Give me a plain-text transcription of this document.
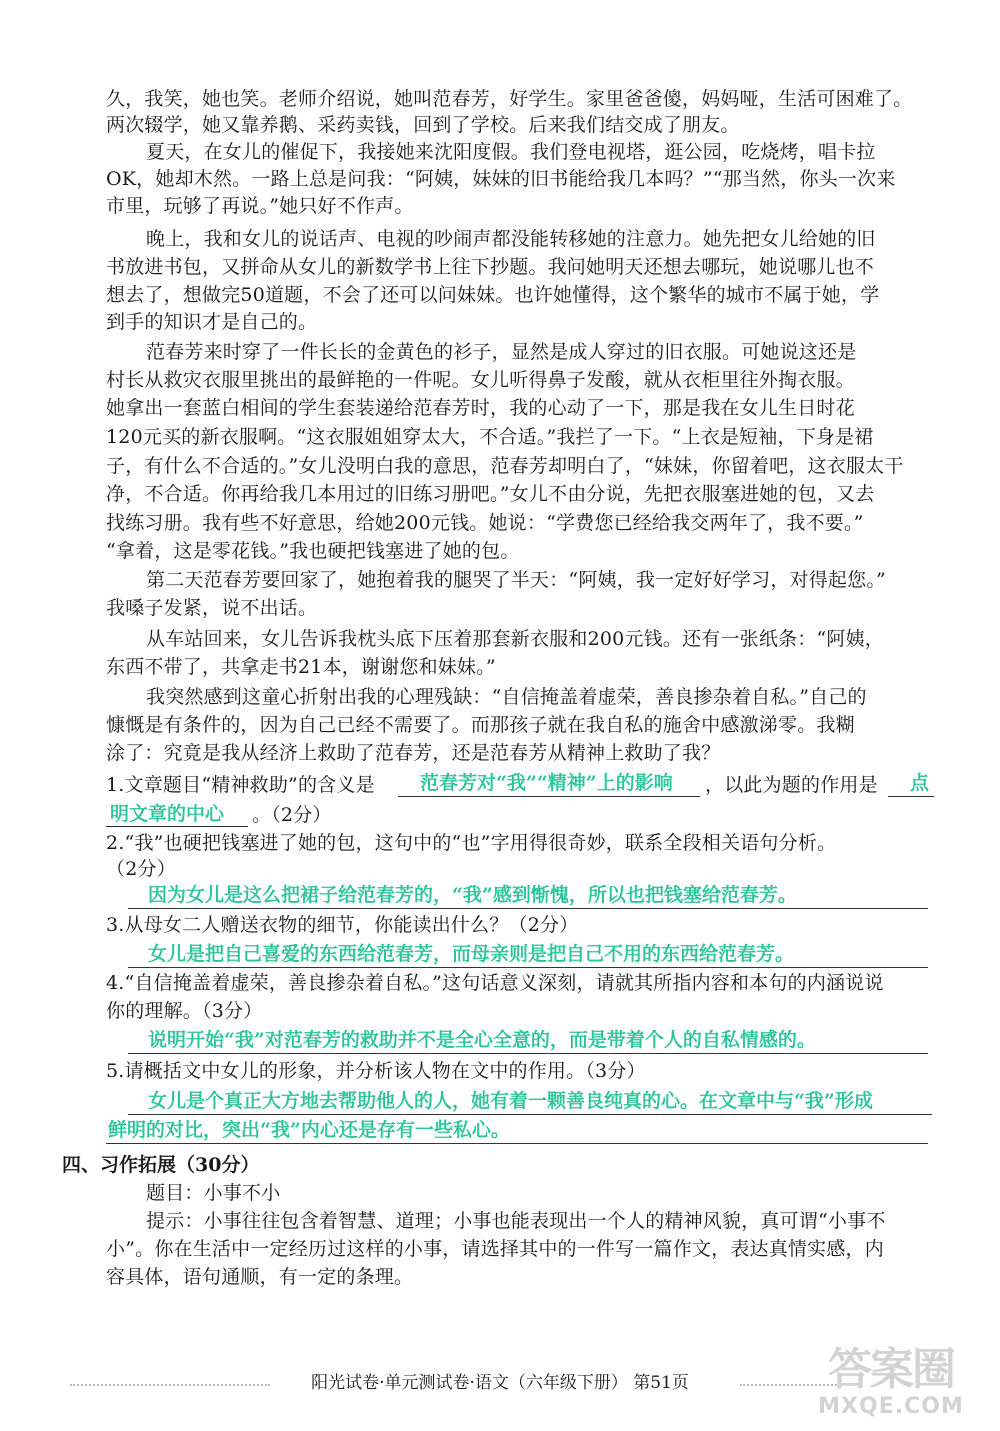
久，我笑，她也笑。老师介绍说，她叫范春芳，好学生。家里爸爸傻，妈妈哑，生活可困难了。
两次辍学，她又靠养鹅、采药卖钱，回到了学校。后来我们结交成了朋友。
夏天，在女儿的催促下，我接她来沈阳度假。我们登电视塔，逛公园，吃烧烤，唱卡拉
OK，她却木然。一路上总是问我：“阿姨，妹妹的旧书能给我几本吗？”“那当然，你头一次来
市里，玩够了再说。”她只好不作声。
晚上，我和女儿的说话声、电视的吵闹声都没能转移她的注意力。她先把女儿给她的旧
书放进书包，又拼命从女儿的新数学书上往下抄题。我问她明天还想去哪玩，她说哪儿也不
想去了，想做完50道题，不会了还可以问妹妹。也许她懂得，这个繁华的城市不属于她，学
到手的知识才是自己的。
范春芳来时穿了一件长长的金黄色的衫子，显然是成人穿过的旧衣服。可她说这还是
村长从救灾衣服里挑出的最鲜艳的一件呢。女儿听得鼻子发酸，就从衣柜里往外掏衣服。
她拿出一套蓝白相间的学生套装递给范春芳时，我的心动了一下，那是我在女儿生日时花
120元买的新衣服啊。“这衣服姐姐穿太大，不合适。”我拦了一下。“上衣是短袖，下身是裙
子，有什么不合适的。”女儿没明白我的意思，范春芳却明白了，“妹妹，你留着吧，这衣服太干
净，不合适。你再给我几本用过的旧练习册吧。”女儿不由分说，先把衣服塞进她的包，又去
找练习册。我有些不好意思，给她200元钱。她说：“学费您已经给我交两年了，我不要。”
“拿着，这是零花钱。”我也硬把钱塞进了她的包。
第二天范春芳要回家了，她抱着我的腿哭了半天：“阿姨，我一定好好学习，对得起您。”
我嗓子发紧，说不出话。
从车站回来，女儿告诉我枕头底下压着那套新衣服和200元钱。还有一张纸条：“阿姨，
东西不带了，共拿走书21本，谢谢您和妹妹。”
我突然感到这童心折射出我的心理残缺：“自信掩盖着虚荣，善良掺杂着自私。”自己的
慷慨是有条件的，因为自己已经不需要了。而那孩子就在我自私的施舍中感激涕零。我糊
涂了：究竟是我从经济上救助了范春芳，还是范春芳从精神上救助了我？
1.文章题目“精神救助”的含义是 范春芳对“我”“精神”上的影响 ，以此为题的作用是 点
明文章的中心 。（2分）
2.“我”也硬把钱塞进了她的包，这句中的“也”字用得很奇妙，联系全段相关语句分析。
（2分）
因为女儿是这么把裙子给范春芳的，“我”感到惭愧，所以也把钱塞给范春芳。
3.从母女二人赠送衣物的细节，你能读出什么？（2分）
女儿是把自己喜爱的东西给范春芳，而母亲则是把自己不用的东西给范春芳。
4.“自信掩盖着虚荣，善良掺杂着自私。”这句话意义深刻，请就其所指内容和本句的内涵说说
你的理解。（3分）
说明开始“我”对范春芳的救助并不是全心全意的，而是带着个人的自私情感的。
5.请概括文中女儿的形象，并分析该人物在文中的作用。（3分）
女儿是个真正大方地去帮助他人的人，她有着一颗善良纯真的心。在文章中与“我”形成
鲜明的对比，突出“我”内心还是存有一些私心。
四、习作拓展（30分）
题目：小事不小
提示：小事往往包含着智慧、道理；小事也能表现出一个人的精神风貌，真可谓“小事不
小”。你在生活中一定经历过这样的小事，请选择其中的一件写一篇作文，表达真情实感，内
容具体，语句通顺，有一定的条理。
阳光试卷·单元测试卷·语文（六年级下册） 第51页	答案圈
MXQE.COM
